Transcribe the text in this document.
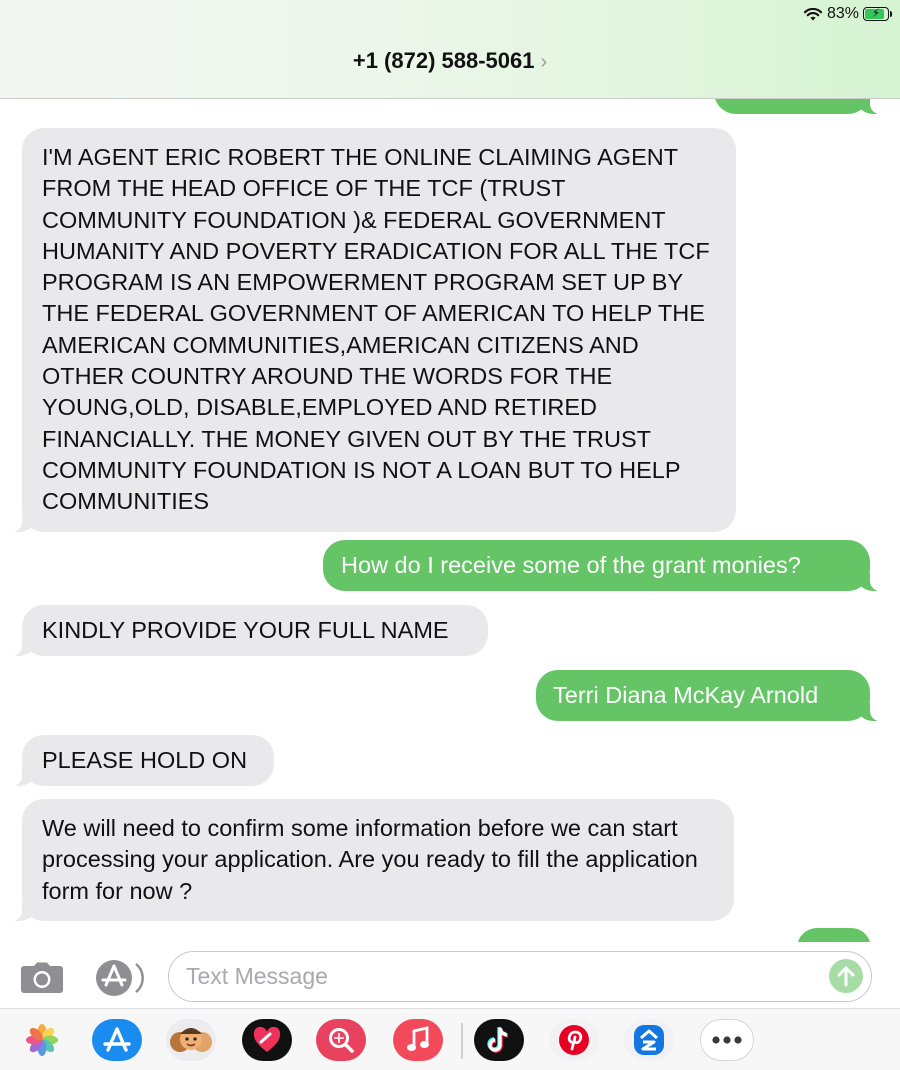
83%	⚡
+1 (872) 588-5061 ›
I'M AGENT ERIC ROBERT THE ONLINE CLAIMING AGENT FROM THE HEAD OFFICE OF THE TCF (TRUST COMMUNITY FOUNDATION )& FEDERAL GOVERNMENT HUMANITY AND POVERTY ERADICATION FOR ALL THE TCF PROGRAM IS AN EMPOWERMENT PROGRAM SET UP BY THE FEDERAL GOVERNMENT OF AMERICAN TO HELP THE AMERICAN COMMUNITIES,AMERICAN CITIZENS AND OTHER COUNTRY AROUND THE WORDS FOR THE YOUNG,OLD, DISABLE,EMPLOYED AND RETIRED FINANCIALLY. THE MONEY GIVEN OUT BY THE TRUST COMMUNITY FOUNDATION IS NOT A LOAN BUT TO HELP COMMUNITIES
How do I receive some of the grant monies?
KINDLY PROVIDE YOUR FULL NAME
Terri Diana McKay Arnold
PLEASE HOLD ON
We will need to confirm some information before we can start processing your application. Are you ready to fill the application form for now ?
Text Message
